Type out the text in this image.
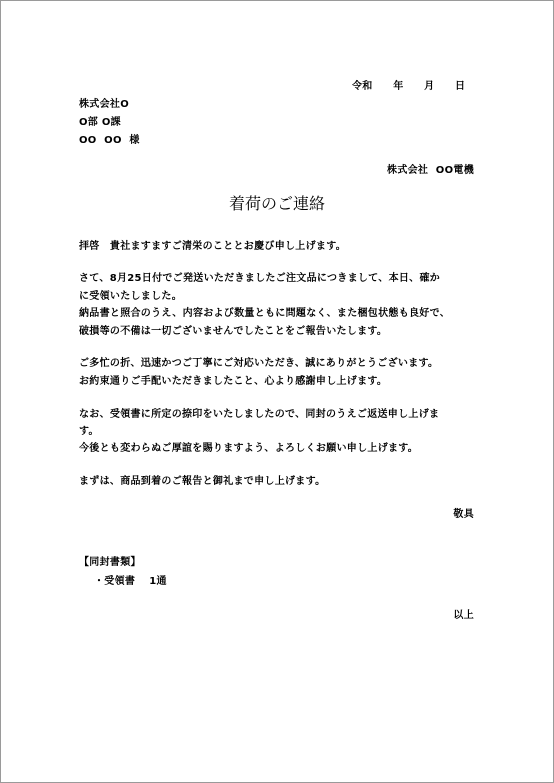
令和　　年　　月　　日
株式会社O
O部 O課
OO  OO  様
株式会社  OO電機
着荷のご連絡
拝啓　貴社ますますご清栄のこととお慶び申し上げます。
さて、8月25日付でご発送いただきましたご注文品につきまして、本日、確か
に受領いたしました。
納品書と照合のうえ、内容および数量ともに問題なく、また梱包状態も良好で、
破損等の不備は一切ございませんでしたことをご報告いたします。
ご多忙の折、迅速かつご丁寧にご対応いただき、誠にありがとうございます。
お約束通りご手配いただきましたこと、心より感謝申し上げます。
なお、受領書に所定の捺印をいたしましたので、同封のうえご返送申し上げま
す。
今後とも変わらぬご厚誼を賜りますよう、よろしくお願い申し上げます。
まずは、商品到着のご報告と御礼まで申し上げます。
敬具
【同封書類】
・受領書　 1通
以上
